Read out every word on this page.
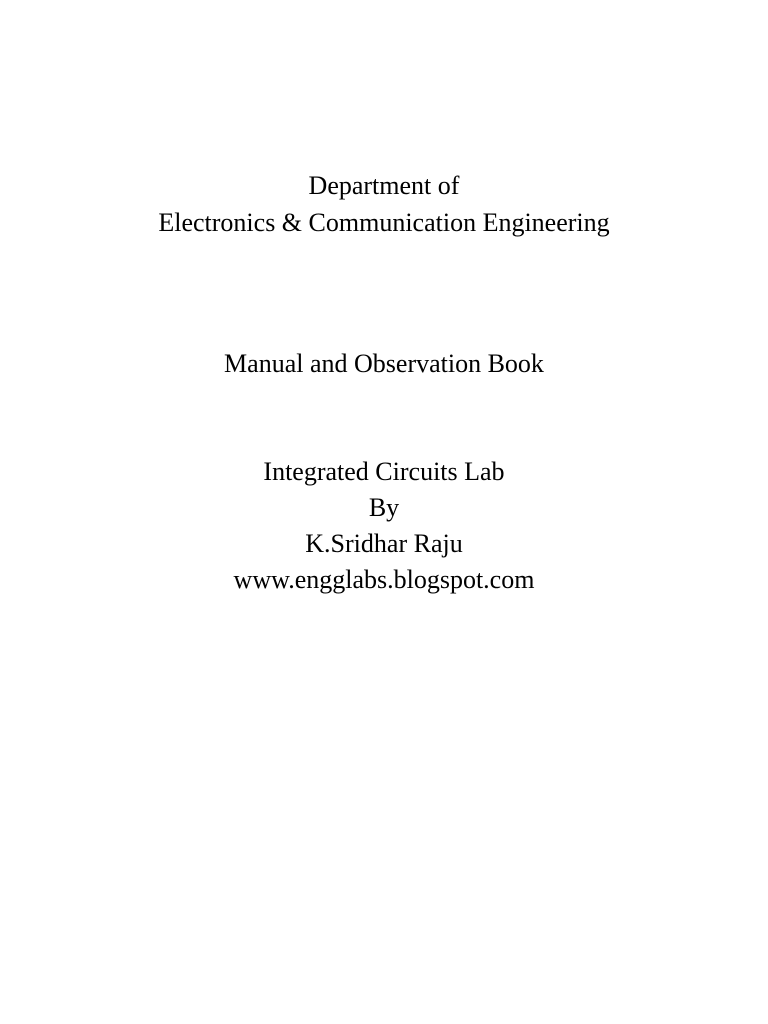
Department of
Electronics & Communication Engineering
Manual and Observation Book
Integrated Circuits Lab
By
K.Sridhar Raju
www.engglabs.blogspot.com
